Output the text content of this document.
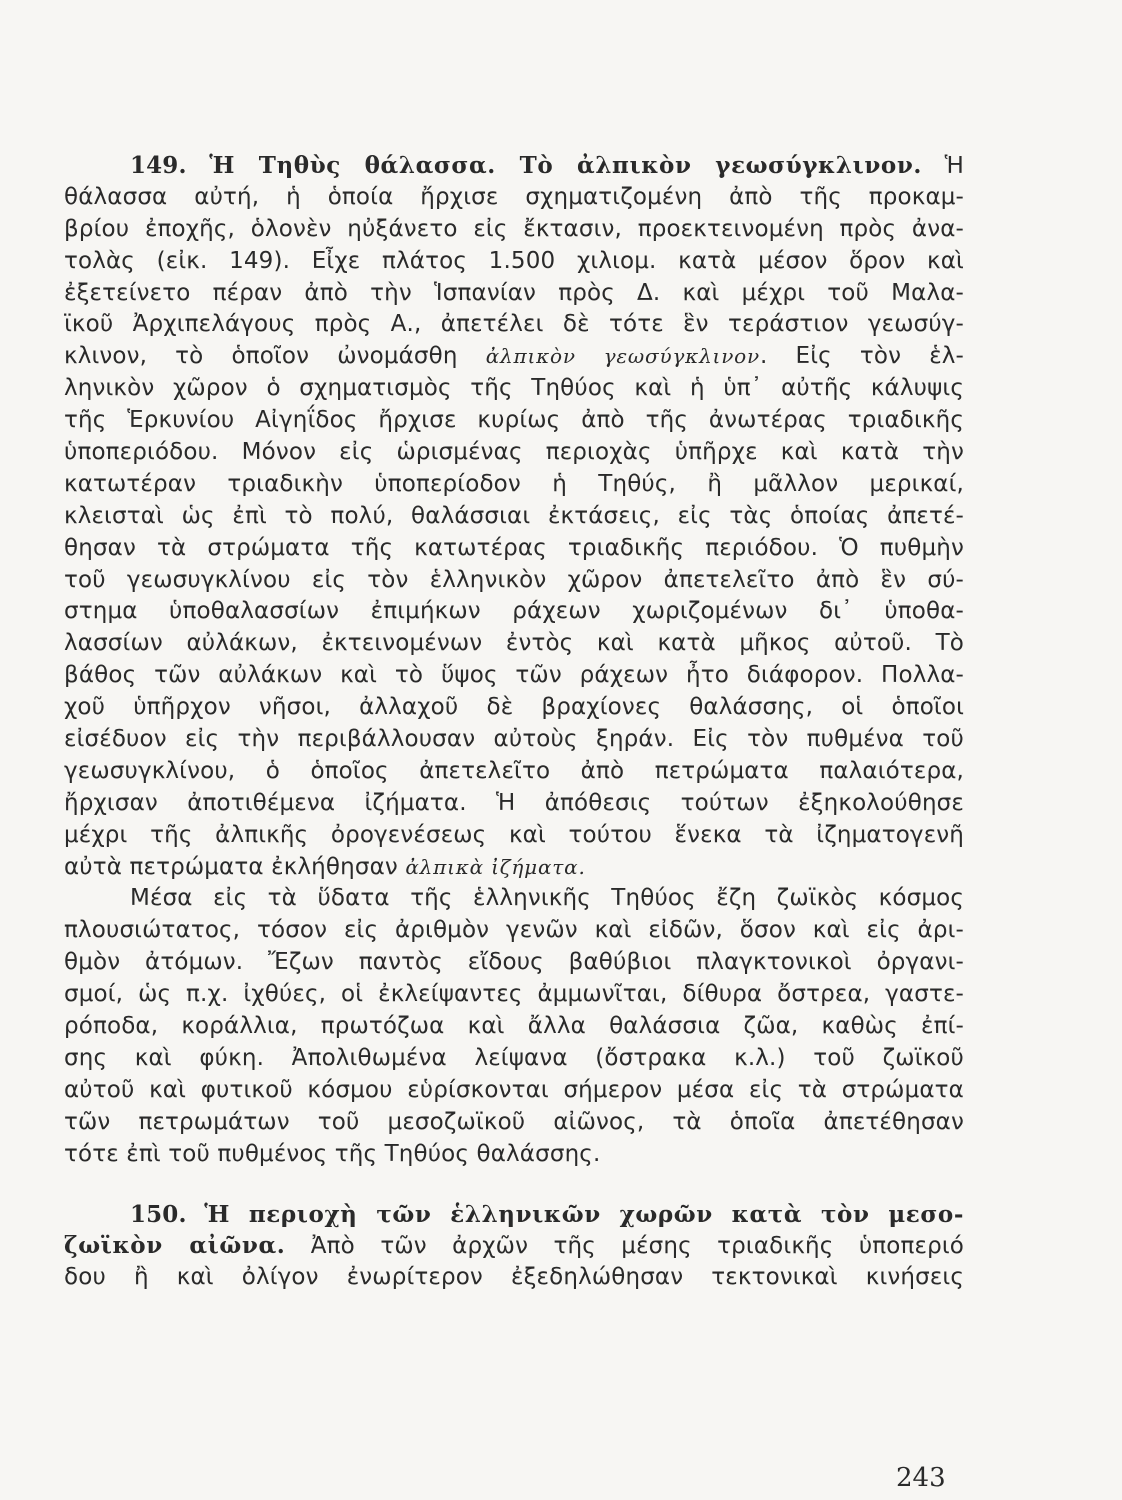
149. Ἡ Τηθὺς θάλασσα. Τὸ ἀλπικὸν γεωσύγκλινον. Ἡ
θάλασσα αὐτή, ἡ ὁποία ἤρχισε σχηματιζομένη ἀπὸ τῆς προκαμ-
βρίου ἐποχῆς, ὁλονὲν ηὐξάνετο εἰς ἔκτασιν, προεκτεινομένη πρὸς ἀνα-
τολὰς (εἰκ. 149). Εἶχε πλάτος 1.500 χιλιομ. κατὰ μέσον ὅρον καὶ
ἐξετείνετο πέραν ἀπὸ τὴν Ἱσπανίαν πρὸς Δ. καὶ μέχρι τοῦ Μαλα-
ϊκοῦ Ἀρχιπελάγους πρὸς Α., ἀπετέλει δὲ τότε ἓν τεράστιον γεωσύγ-
κλινον, τὸ ὁποῖον ὠνομάσθη ἀλπικὸν γεωσύγκλινον. Εἰς τὸν ἑλ-
ληνικὸν χῶρον ὁ σχηματισμὸς τῆς Τηθύος καὶ ἡ ὑπ᾽ αὐτῆς κάλυψις
τῆς Ἑρκυνίου Αἰγηΐδος ἤρχισε κυρίως ἀπὸ τῆς ἀνωτέρας τριαδικῆς
ὑποπεριόδου. Μόνον εἰς ὡρισμένας περιοχὰς ὑπῆρχε καὶ κατὰ τὴν
κατωτέραν τριαδικὴν ὑποπερίοδον ἡ Τηθύς, ἢ μᾶλλον μερικαί,
κλεισταὶ ὡς ἐπὶ τὸ πολύ, θαλάσσιαι ἐκτάσεις, εἰς τὰς ὁποίας ἀπετέ-
θησαν τὰ στρώματα τῆς κατωτέρας τριαδικῆς περιόδου. Ὁ πυθμὴν
τοῦ γεωσυγκλίνου εἰς τὸν ἑλληνικὸν χῶρον ἀπετελεῖτο ἀπὸ ἓν σύ-
στημα ὑποθαλασσίων ἐπιμήκων ράχεων χωριζομένων δι᾽ ὑποθα-
λασσίων αὐλάκων, ἐκτεινομένων ἐντὸς καὶ κατὰ μῆκος αὐτοῦ. Τὸ
βάθος τῶν αὐλάκων καὶ τὸ ὕψος τῶν ράχεων ἦτο διάφορον. Πολλα-
χοῦ ὑπῆρχον νῆσοι, ἀλλαχοῦ δὲ βραχίονες θαλάσσης, οἱ ὁποῖοι
εἰσέδυον εἰς τὴν περιβάλλουσαν αὐτοὺς ξηράν. Εἰς τὸν πυθμένα τοῦ
γεωσυγκλίνου, ὁ ὁποῖος ἀπετελεῖτο ἀπὸ πετρώματα παλαιότερα,
ἤρχισαν ἀποτιθέμενα ἰζήματα. Ἡ ἀπόθεσις τούτων ἐξηκολούθησε
μέχρι τῆς ἀλπικῆς ὀρογενέσεως καὶ τούτου ἕνεκα τὰ ἰζηματογενῆ
αὐτὰ πετρώματα ἐκλήθησαν ἀλπικὰ ἰζήματα.
Μέσα εἰς τὰ ὕδατα τῆς ἑλληνικῆς Τηθύος ἔζη ζωϊκὸς κόσμος
πλουσιώτατος, τόσον εἰς ἀριθμὸν γενῶν καὶ εἰδῶν, ὅσον καὶ εἰς ἀρι-
θμὸν ἀτόμων. Ἔζων παντὸς εἴδους βαθύβιοι πλαγκτονικοὶ ὀργανι-
σμοί, ὡς π.χ. ἰχθύες, οἱ ἐκλείψαντες ἀμμωνῖται, δίθυρα ὄστρεα, γαστε-
ρόποδα, κοράλλια, πρωτόζωα καὶ ἄλλα θαλάσσια ζῶα, καθὼς ἐπί-
σης καὶ φύκη. Ἀπολιθωμένα λείψανα (ὄστρακα κ.λ.) τοῦ ζωϊκοῦ
αὐτοῦ καὶ φυτικοῦ κόσμου εὑρίσκονται σήμερον μέσα εἰς τὰ στρώματα
τῶν πετρωμάτων τοῦ μεσοζωϊκοῦ αἰῶνος, τὰ ὁποῖα ἀπετέθησαν
τότε ἐπὶ τοῦ πυθμένος τῆς Τηθύος θαλάσσης.
150. Ἡ περιοχὴ τῶν ἑλληνικῶν χωρῶν κατὰ τὸν μεσο-
ζωϊκὸν αἰῶνα. Ἀπὸ τῶν ἀρχῶν τῆς μέσης τριαδικῆς ὑποπεριό
δου ἢ καὶ ὀλίγον ἐνωρίτερον ἐξεδηλώθησαν τεκτονικαὶ κινήσεις
243
